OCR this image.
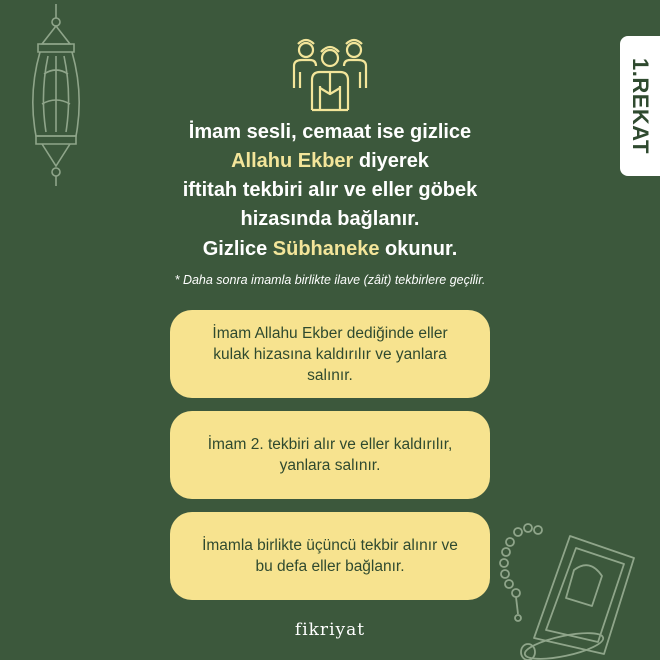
1.REKAT
İmam sesli, cemaat ise gizlice
Allahu Ekber diyerek
iftitah tekbiri alır ve eller göbek
hizasında bağlanır.
Gizlice Sübhaneke okunur.
* Daha sonra imamla birlikte ilave (zâit) tekbirlere geçilir.
İmam Allahu Ekber dediğinde eller kulak hizasına kaldırılır ve yanlara salınır.
İmam 2. tekbiri alır ve eller kaldırılır, yanlara salınır.
İmamla birlikte üçüncü tekbir alınır ve bu defa eller bağlanır.
fikriyat
